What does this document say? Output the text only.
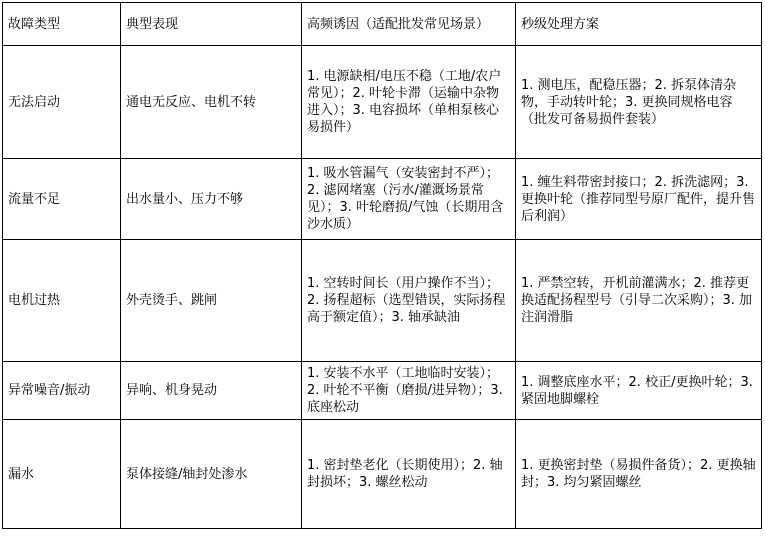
故障类型	典型表现	高频诱因（适配批发常见场景）	秒级处理方案
无法启动	通电无反应、电机不转	1. 电源缺相/电压不稳（工地/农户常见）；2. 叶轮卡滞（运输中杂物进入）；3. 电容损坏（单相泵核心易损件）	1. 测电压，配稳压器；2. 拆泵体清杂物，手动转叶轮；3. 更换同规格电容（批发可备易损件套装）
流量不足	出水量小、压力不够	1. 吸水管漏气（安装密封不严）；2. 滤网堵塞（污水/灌溉场景常见）；3. 叶轮磨损/气蚀（长期用含沙水质）	1. 缠生料带密封接口；2. 拆洗滤网；3. 更换叶轮（推荐同型号原厂配件，提升售后利润）
电机过热	外壳烫手、跳闸	1. 空转时间长（用户操作不当）；2. 扬程超标（选型错误，实际扬程高于额定值）；3. 轴承缺油	1. 严禁空转，开机前灌满水；2. 推荐更换适配扬程型号（引导二次采购）；3. 加注润滑脂
异常噪音/振动	异响、机身晃动	1. 安装不水平（工地临时安装）；2. 叶轮不平衡（磨损/进异物）；3. 底座松动	1. 调整底座水平；2. 校正/更换叶轮；3. 紧固地脚螺栓
漏水	泵体接缝/轴封处渗水	1. 密封垫老化（长期使用）；2. 轴封损坏；3. 螺丝松动	1. 更换密封垫（易损件备货）；2. 更换轴封；3. 均匀紧固螺丝
